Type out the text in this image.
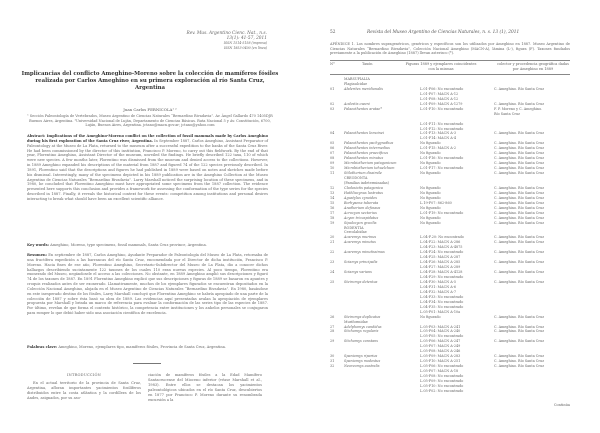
Rev. Mus. Argentino Cienc. Nat., n.s.
13(1): 41-57, 2011
ISSN 1514-5158 (impresa)
ISSN 1853-0400 (en línea)
Implicancias del conflicto Ameghino-Moreno sobre la colección de mamíferos fósiles realizada por Carlos Ameghino en su primera exploración al río Santa Cruz, Argentina
Juan Carlos FERNICOLA¹ ²
¹ Sección Paleontología de Vertebrados, Museo Argentino de Ciencias Naturales “Bernardino Rivadavia”. Av. Ángel Gallardo 470 1405DJR Buenos Aires, Argentina. ²Universidad Nacional de Luján, Departamento de Ciencias Básicas. Ruta Nacional 5 y Av. Constitución, 6700, Luján, Buenos Aires, Argentina. jctano@macn.gov.ar; jctano@yahoo.com
Abstract: Implications of the Ameghino-Moreno conflict on the collection of fossil mammals made by Carlos Ameghino during his first exploration of the Santa Cruz river, Argentina. In September 1887, Carlos Ameghino, Assistant Preparator of Paleontology at the Museo de La Plata, returned to the museum after a successful expedition to the banks of the Santa Cruz River. He had been commissioned by the director of this institution, Francisco P. Moreno, to carry out this fieldwork. By the end of that year, Florentino Ameghino, Assistant Director of the museum, unveiled the findings. He briefly described 122 taxa, 110 of which were new species. A few months later, Florentino was dismissed from the museum and denied access to the collections. However, in 1889 Ameghino expanded his descriptions of the material from 1887 and figured 74 of the 122 species previously described. In 1891, Florentino said that the descriptions and figures he had published in 1889 were based on notes and sketches made before his dismissal. Interestingly, many of the specimens depicted in his 1889 publication are in the Ameghino Collection at the Museo Argentino de Ciencias Naturales “Bernardino Rivadavia”. Larry Marshall noticed the surprising location of these specimens, and in 1980, he concluded that Florentino Ameghino must have appropriated some specimens from the 1887 collection. The evidence presented here supports this conclusion and provides a framework for assessing the conformation of the type series for the species described in 1887. Finally, it reveals the historical context for these events: competition among institutions and personal desires interacting to break what should have been an excellent scientific alliance.
Key words: Ameghino, Moreno, type specimens, fossil mammals, Santa Cruz province, Argentina.
Resumen: En septiembre de 1887, Carlos Ameghino, Ayudante Preparador de Paleontología del Museo de La Plata, retornaba de una fructífera expedición a las barrancas del río Santa Cruz, encomendada por el Director de dicha institución, Francisco P. Moreno. Hacia fines de ese año, Florentino Ameghino, Secretario-Subdirector del Museo de La Plata, dio a conocer dichos hallazgos describiendo sucintamente 122 taxones de los cuales 110 eran nuevas especies. Al poco tiempo, Florentino era exonerado del Museo, negándosele el acceso a las colecciones. No obstante, en 1889 Ameghino amplió sus descripciones y figuró 74 de los taxones de 1887. En 1891 Florentino Ameghino explicó que sus descripciones y figuras de 1889 se basaron en apuntes y croquis realizados antes de ser exonerado. Llamativamente, muchos de los ejemplares figurados se encuentran depositados en la Colección Nacional Ameghino, alojada en el Museo Argentino de Ciencias Naturales “Bernardino Rivadavia”. En 1980, basándose en este inesperado destino de los fósiles, Larry Marshall concluyó que Florentino Ameghino se habría apropiado de una parte de la colección de 1887 y sobre ésta basó su obra de 1889. Las evidencias aquí presentadas avalan la apropiación de ejemplares propuesta por Marshall y brinda un marco de referencia para evaluar la conformación de las series tipo de las especies de 1887. Por último, revelan de que forma el contexto histórico, la competencia entre instituciones y los anhelos personales se conjugaron para romper lo que debió haber sido una asociación científica de excelencia.
Palabras clave: Ameghino, Moreno, ejemplares tipo, mamíferos fósiles, Provincia de Santa Cruz, Argentina.
INTRODUCCIÓN
En el actual territorio de la provincia de Santa Cruz, Argentina, afloran importantes yacimientos fosilíferos distribuidos entre la costa atlántica y la cordillera de los Andes, asignados, por su aso-
ciación de mamíferos fósiles a la Edad Mamífero Santacrucense del Mioceno inferior (véase Marshall et al., 1983). Entre ellos se destacan los yacimientos paleontológicos ubicados en el río Santa Cruz, descubiertos en 1877 por Francisco P. Moreno durante su renombrada excursión a la
52	Revista del Museo Argentino de Ciencias Naturales, n. s. 13 (1), 2011
APÉNDICE 1. Los nombres supragenéricos, genéricos y específicos son los utilizados por Ameghino en 1887. Museo Argentino de Ciencias Naturales “Bernardino Rivadavia”, Colección Nacional Ameghino (MACN-A), lámina (L-), figura (F). Taxones fundados previamente a la publicación de Ameghino (1887) llevan asterisco (*).
N°	Taxón	Figuras 1889 y ejemplares coincidentes con la mismas
colector y procedencia geográfica dadas por Ameghino en 1889
MARSUPIALIA
Plagiaulcidae
01	Abderites meridionalis	L.01-F06: No encontrado	C. Ameghino. Río Santa Cruz
L.01-F07: MACN A-12
L.01-F08: MACN A-12
02	Acdestis oweni	L.01-F09: MACN A-1279	C. Ameghino. Río Santa Cruz
03	Palaeothentes aratae*	L.01-F10: No encontrado	F. P. Moreno y C. Ameghino.
Río Santa Cruz
L.01-F11: No encontrado
L.01-F12: No encontrado
04	Palaeothentes lemoinei	L.01-F13: MACN A-3	C. Ameghino. Río Santa Cruz
L.01-F14: MACN A-4
05	Palaeothentes pachygnathus	No figurado	C. Ameghino. Río Santa Cruz
06	Palaeothentes intermedius	L.01-F15: MACN A-2	C. Ameghino. Río Santa Cruz
07	Palaeothentes praecificus	No figurado	C. Ameghino. Río Santa Cruz
08	Palaeothentes minutus	L.01-F16: No encontrado	C. Ameghino. Río Santa Cruz
09	Microbiotherium patagonicum	No figurado	C. Ameghino. Río Santa Cruz
10	Microbiotherium tehuelchum	L.01-F17: No encontrado	C. Ameghino. Río Santa Cruz
11	Stilotherium dissimile	No figurado	C. Ameghino. Río Santa Cruz
CREODONTA
(Familias indeterminadas)
12	Cladosictis patagonica	No figurado	C. Ameghino. Río Santa Cruz
13	Hathliacynus lustratus	No figurado	C. Ameghino. Río Santa Cruz
14	Agustylus cynoides	No figurado	C. Ameghino. Río Santa Cruz
15	Borhyaena tuberata	L.19-F07: 862-860	C. Ameghino. Río Santa Cruz
16	Anatherium defossus	No figurado	C. Ameghino. Río Santa Cruz
17	Acrocyon sectorius	L.01-F19: No encontrado	C. Ameghino. Río Santa Cruz
18	Acyon tricuspidatus	No figurado	C. Ameghino. Río Santa Cruz
19	Sipalocyon gracilis	No figurado	C. Ameghino. Río Santa Cruz
RODENTIA
Cercolabidae
20	Acaremys murinus	L.04-F.20: No encontrado	C. Ameghino. Río Santa Cruz
21	Acaremys minutus	L.04-F22: MACN A-286	C. Ameghino. Río Santa Cruz
L.04-F23: MACN A-4875
22	Acaremys minutissimus	L.04-F24: No encontrado	C. Ameghino. Río Santa Cruz
L.04-F25: MACN A-287
23	Sciamys principalis	L.04-F26: MACN A-285	C. Ameghino. Río Santa Cruz
L.04-F27: MACN A-289
24	Sciamys varians	L.04-F28: MACN A-4128	C. Ameghino. Río Santa Cruz
L.04-F29: No encontrado
25	Steiromys detentus	L.04-F30: MACN A-5	C. Ameghino. Río Santa Cruz
L.04-F31: MACN A-6
L.04-F32: MACN A-7
L.04-F33: No encontrado
L.04-F34: No encontrado
L.04-F35: No encontrado
L.05-F01: MACN A-10a
26	Steiromys duplicatus	No figurado	C. Ameghino. Río Santa Cruz
Muriformidae
27	Adelphomys candidus	L.05-F03: MACN A-241	C. Ameghino. Río Santa Cruz
28	Stichomys regularis	L.05-F04: MACN A-240	C. Ameghino. Río Santa Cruz
L.05-F05: No encontrado
29	Stichomys constans	L.05-F06: MACN A-247	C. Ameghino. Río Santa Cruz
L.05-F07: MACN A-249
L.05-F08: MACN A-246
30	Spaniomys riparius	L.05-F09: MACN A-283	C. Ameghino. Río Santa Cruz
31	Spaniomys modestus	L.05-F10: MACN A-251	C. Ameghino. Río Santa Cruz
32	Neoreomys australis	L.05-F06: No encontrado	C. Ameghino. Río Santa Cruz
L.05-F07: MACN A-18
L.05-F08: No encontrado
L.05-F09: No encontrado
L.05-F10: No encontrado
L.05-F02: No encontrado
Continúa
